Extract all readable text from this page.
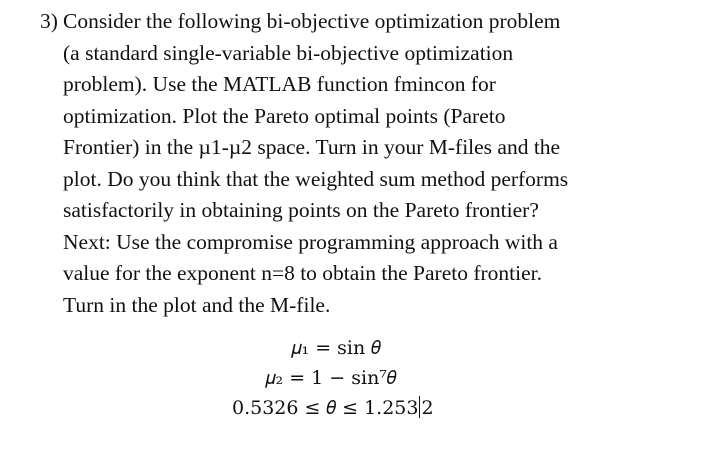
3) Consider the following bi-objective optimization problem
(a standard single-variable bi-objective optimization
problem). Use the MATLAB function fmincon for
optimization. Plot the Pareto optimal points (Pareto
Frontier) in the µ1-µ2 space. Turn in your M-files and the
plot. Do you think that the weighted sum method performs
satisfactorily in obtaining points on the Pareto frontier?
Next: Use the compromise programming approach with a
value for the exponent n=8 to obtain the Pareto frontier.
Turn in the plot and the M-file.
𝜇₁ = sin 𝜃
𝜇₂ = 1 − sin⁷𝜃
0.5326 ≤ 𝜃 ≤ 1.253 2
